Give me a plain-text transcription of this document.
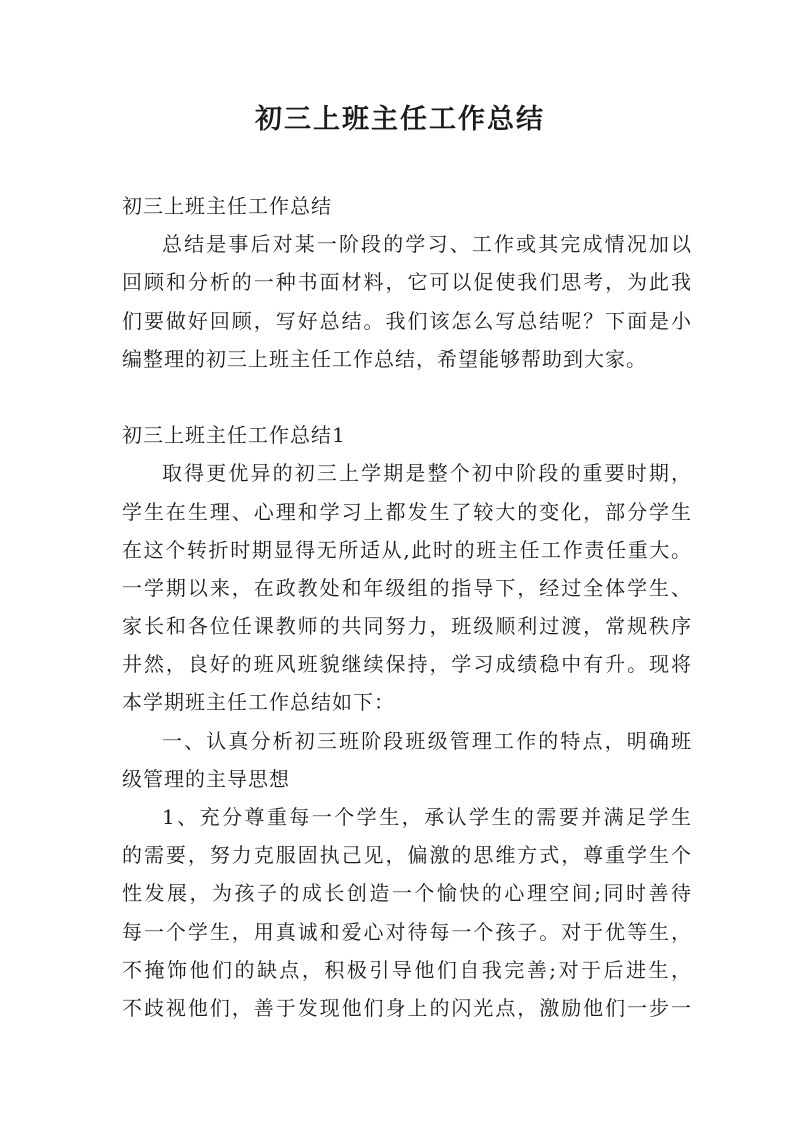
初三上班主任工作总结
初三上班主任工作总结
总结是事后对某一阶段的学习、工作或其完成情况加以
回顾和分析的一种书面材料，它可以促使我们思考，为此我
们要做好回顾，写好总结。我们该怎么写总结呢？下面是小
编整理的初三上班主任工作总结，希望能够帮助到大家。
初三上班主任工作总结1
取得更优异的初三上学期是整个初中阶段的重要时期，
学生在生理、心理和学习上都发生了较大的变化，部分学生
在这个转折时期显得无所适从,此时的班主任工作责任重大。
一学期以来，在政教处和年级组的指导下，经过全体学生、
家长和各位任课教师的共同努力，班级顺利过渡，常规秩序
井然，良好的班风班貌继续保持，学习成绩稳中有升。现将
本学期班主任工作总结如下：
一、认真分析初三班阶段班级管理工作的特点，明确班
级管理的主导思想
1、充分尊重每一个学生，承认学生的需要并满足学生
的需要，努力克服固执己见，偏激的思维方式，尊重学生个
性发展，为孩子的成长创造一个愉快的心理空间;同时善待
每一个学生，用真诚和爱心对待每一个孩子。对于优等生，
不掩饰他们的缺点，积极引导他们自我完善;对于后进生，
不歧视他们，善于发现他们身上的闪光点，激励他们一步一
